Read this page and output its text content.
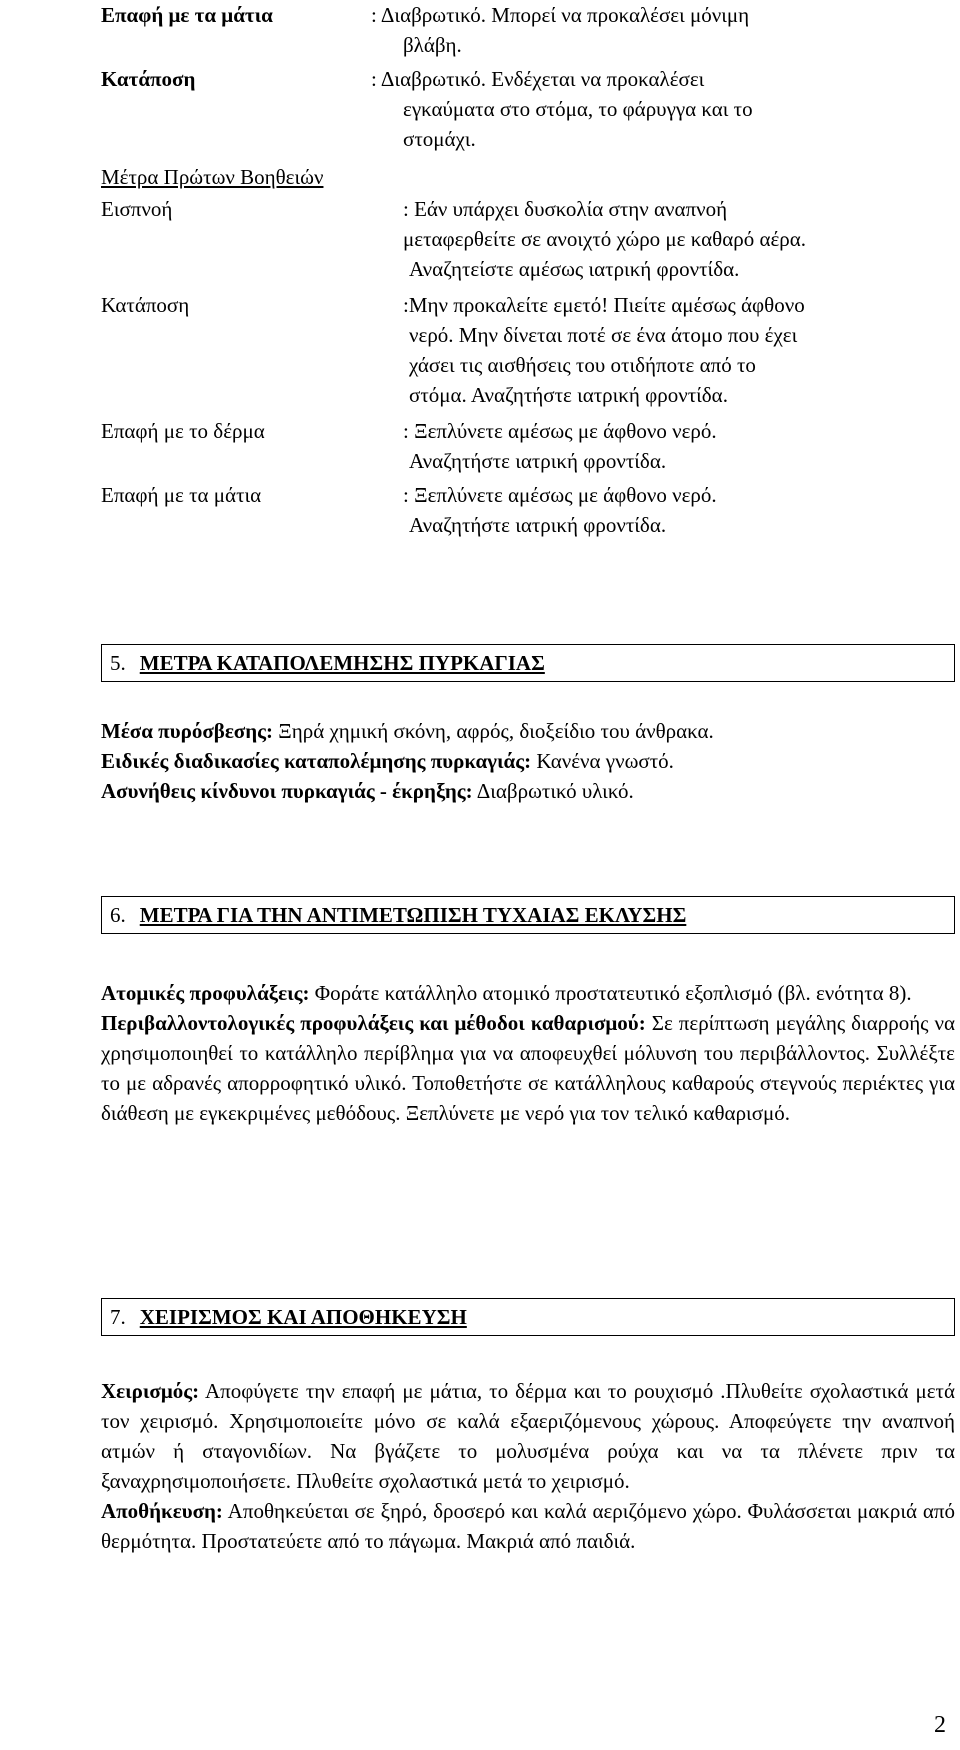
Επαφή με τα μάτια	: Διαβρωτικό. Μπορεί να προκαλέσει μόνιμη
βλάβη.
Κατάποση	: Διαβρωτικό. Ενδέχεται να προκαλέσει
εγκαύματα στο στόμα, το φάρυγγα και το
στομάχι.
Μέτρα Πρώτων Βοηθειών
Εισπνοή	: Εάν υπάρχει δυσκολία στην αναπνοή
μεταφερθείτε σε ανοιχτό χώρο με καθαρό αέρα.
Αναζητείστε αμέσως ιατρική φροντίδα.
Κατάποση	:Μην προκαλείτε εμετό! Πιείτε αμέσως άφθονο
νερό. Μην δίνεται ποτέ σε ένα άτομο που έχει
χάσει τις αισθήσεις του οτιδήποτε από το
στόμα. Αναζητήστε ιατρική φροντίδα.
Επαφή με το δέρμα	: Ξεπλύνετε αμέσως με άφθονο νερό.
Αναζητήστε ιατρική φροντίδα.
Επαφή με τα μάτια	: Ξεπλύνετε αμέσως με άφθονο νερό.
Αναζητήστε ιατρική φροντίδα.
5. ΜΕΤΡΑ ΚΑΤΑΠΟΛΕΜΗΣΗΣ ΠΥΡΚΑΓΙΑΣ
Μέσα πυρόσβεσης: Ξηρά χημική σκόνη, αφρός, διοξείδιο του άνθρακα.
Ειδικές διαδικασίες καταπολέμησης πυρκαγιάς: Κανένα γνωστό.
Ασυνήθεις κίνδυνοι πυρκαγιάς - έκρηξης: Διαβρωτικό υλικό.
6. ΜΕΤΡΑ ΓΙΑ ΤΗΝ ΑΝΤΙΜΕΤΩΠΙΣΗ ΤΥΧΑΙΑΣ ΕΚΛΥΣΗΣ
Ατομικές προφυλάξεις: Φοράτε κατάλληλο ατομικό προστατευτικό εξοπλισμό (βλ. ενότητα 8).
Περιβαλλοντολογικές προφυλάξεις και μέθοδοι καθαρισμού: Σε περίπτωση μεγάλης διαρροής να χρησιμοποιηθεί το κατάλληλο περίβλημα για να αποφευχθεί μόλυνση του περιβάλλοντος. Συλλέξτε το με αδρανές απορροφητικό υλικό. Τοποθετήστε σε κατάλληλους καθαρούς στεγνούς περιέκτες για διάθεση με εγκεκριμένες μεθόδους. Ξεπλύνετε με νερό για τον τελικό καθαρισμό.
7. ΧΕΙΡΙΣΜΟΣ ΚΑΙ ΑΠΟΘΗΚΕΥΣΗ
Χειρισμός: Αποφύγετε την επαφή με μάτια, το δέρμα και το ρουχισμό .Πλυθείτε σχολαστικά μετά τον χειρισμό. Χρησιμοποιείτε μόνο σε καλά εξαεριζόμενους χώρους. Αποφεύγετε την αναπνοή ατμών ή σταγονιδίων. Να βγάζετε το μολυσμένα ρούχα και να τα πλένετε πριν τα ξαναχρησιμοποιήσετε. Πλυθείτε σχολαστικά μετά το χειρισμό.
Αποθήκευση: Αποθηκεύεται σε ξηρό, δροσερό και καλά αεριζόμενο χώρο. Φυλάσσεται μακριά από θερμότητα. Προστατεύετε από το πάγωμα. Μακριά από παιδιά.
2
